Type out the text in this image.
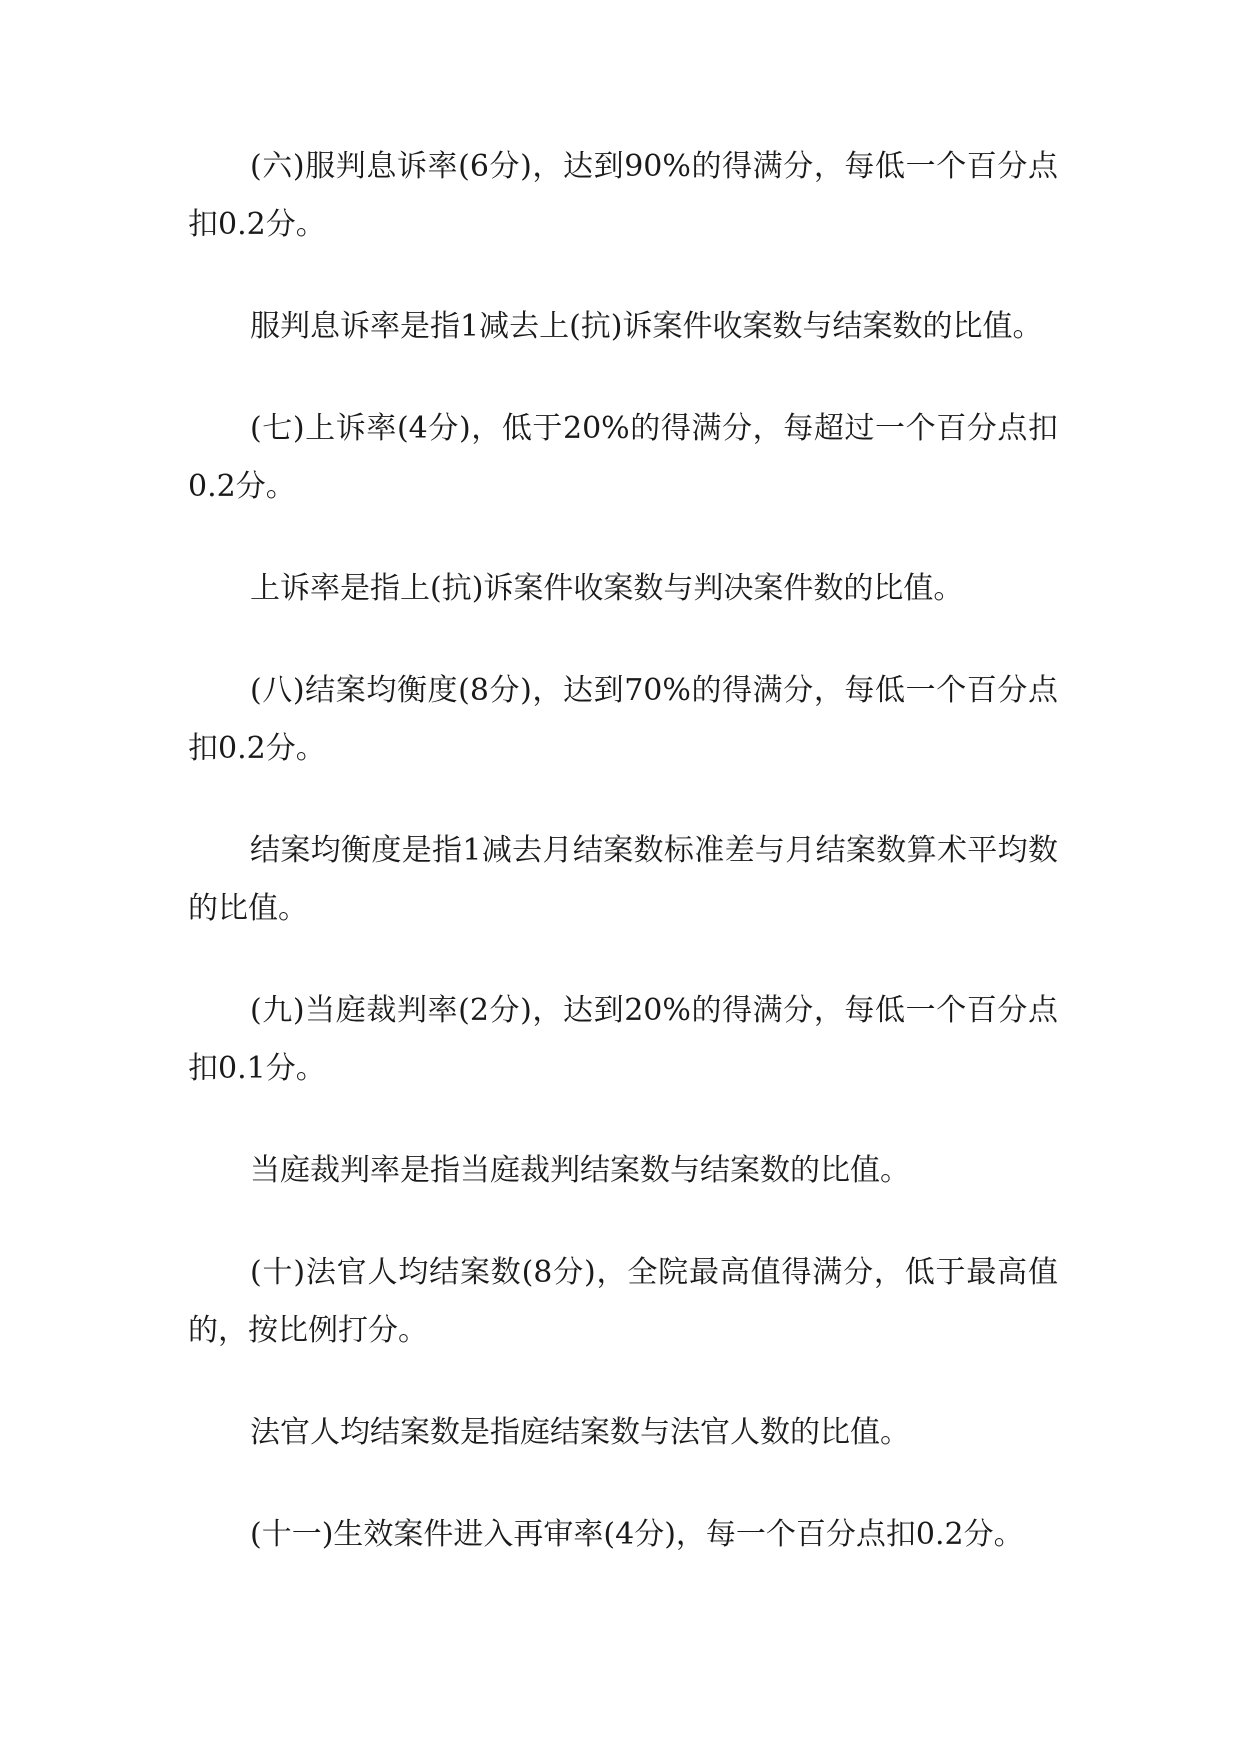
(六)服判息诉率(6分)，达到90%的得满分，每低一个百分点扣0.2分。

服判息诉率是指1减去上(抗)诉案件收案数与结案数的比值。

(七)上诉率(4分)，低于20%的得满分，每超过一个百分点扣0.2分。

上诉率是指上(抗)诉案件收案数与判决案件数的比值。

(八)结案均衡度(8分)，达到70%的得满分，每低一个百分点扣0.2分。

结案均衡度是指1减去月结案数标准差与月结案数算术平均数的比值。

(九)当庭裁判率(2分)，达到20%的得满分，每低一个百分点扣0.1分。

当庭裁判率是指当庭裁判结案数与结案数的比值。

(十)法官人均结案数(8分)，全院最高值得满分，低于最高值的，按比例打分。

法官人均结案数是指庭结案数与法官人数的比值。

(十一)生效案件进入再审率(4分)，每一个百分点扣0.2分。
